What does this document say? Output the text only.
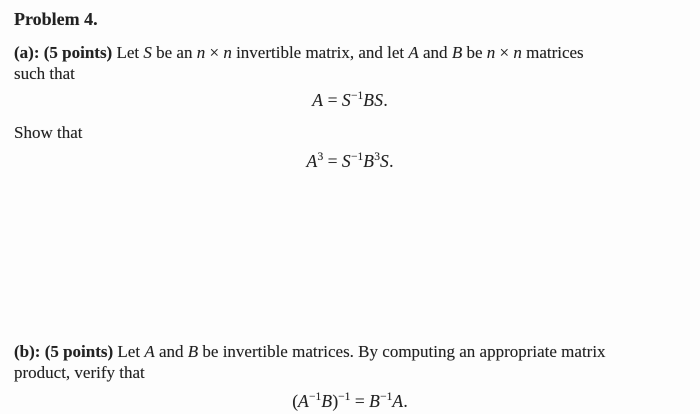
Problem 4.
(a): (5 points) Let S be an n × n invertible matrix, and let A and B be n × n matrices
such that
$A = S^{-1}BS$.
Show that
$A^3 = S^{-1}B^3S$.
(b): (5 points) Let A and B be invertible matrices. By computing an appropriate matrix
product, verify that
$(A^{-1}B)^{-1} = B^{-1}A$.
